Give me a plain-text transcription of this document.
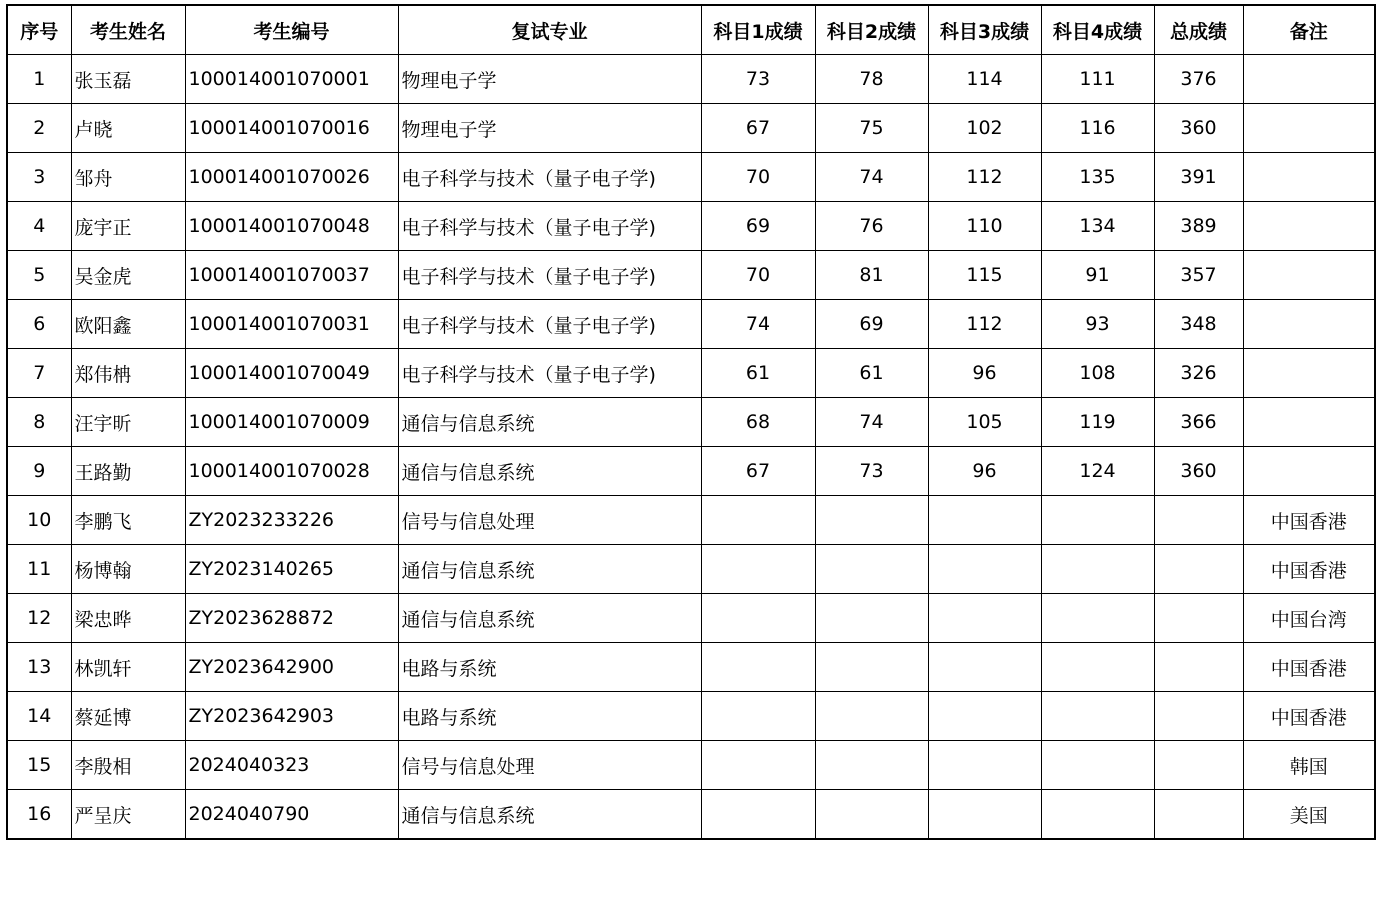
序号	考生姓名	考生编号	复试专业	科目1成绩	科目2成绩	科目3成绩	科目4成绩	总成绩	备注
1	张玉磊	100014001070001	物理电子学	73	78	114	111	376	
2	卢晓	100014001070016	物理电子学	67	75	102	116	360	
3	邹舟	100014001070026	电子科学与技术（量子电子学)	70	74	112	135	391	
4	庞宇正	100014001070048	电子科学与技术（量子电子学)	69	76	110	134	389	
5	吴金虎	100014001070037	电子科学与技术（量子电子学)	70	81	115	91	357	
6	欧阳鑫	100014001070031	电子科学与技术（量子电子学)	74	69	112	93	348	
7	郑伟柟	100014001070049	电子科学与技术（量子电子学)	61	61	96	108	326	
8	汪宇昕	100014001070009	通信与信息系统	68	74	105	119	366	
9	王路勤	100014001070028	通信与信息系统	67	73	96	124	360	
10	李鹏飞	ZY2023233226	信号与信息处理						中国香港
11	杨博翰	ZY2023140265	通信与信息系统						中国香港
12	梁忠晔	ZY2023628872	通信与信息系统						中国台湾
13	林凯轩	ZY2023642900	电路与系统						中国香港
14	蔡延博	ZY2023642903	电路与系统						中国香港
15	李殷相	2024040323	信号与信息处理						韩国
16	严呈庆	2024040790	通信与信息系统						美国
